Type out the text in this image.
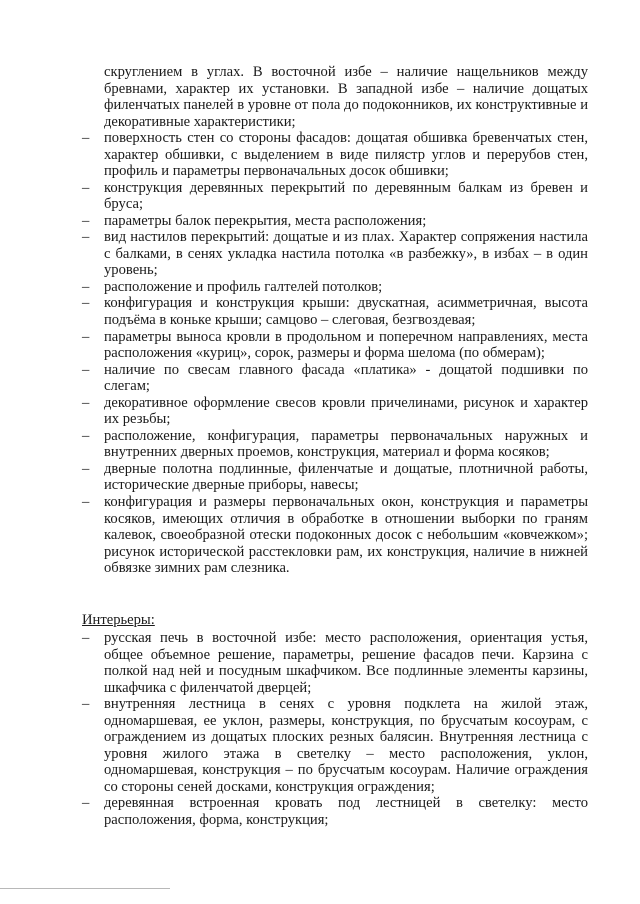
скруглением в углах. В восточной избе – наличие нащельников между бревнами, характер их установки. В западной избе – наличие дощатых филенчатых панелей в уровне от пола до подоконников, их конструктивные и декоративные характеристики;

– поверхность стен со стороны фасадов: дощатая обшивка бревенчатых стен, характер обшивки, с выделением в виде пилястр углов и перерубов стен, профиль и параметры первоначальных досок обшивки;
– конструкция деревянных перекрытий по деревянным балкам из бревен и бруса;
– параметры балок перекрытия, места расположения;
– вид настилов перекрытий: дощатые и из плах. Характер сопряжения настила с балками, в сенях укладка настила потолка «в разбежку», в избах – в один уровень;
– расположение и профиль галтелей потолков;
– конфигурация и конструкция крыши: двускатная, асимметричная, высота подъёма в коньке крыши; самцово – слеговая, безгвоздевая;
– параметры выноса кровли в продольном и поперечном направлениях, места расположения «куриц», сорок, размеры и форма шелома (по обмерам);
– наличие по свесам главного фасада «платика» - дощатой подшивки по слегам;
– декоративное оформление свесов кровли причелинами, рисунок и характер их резьбы;
– расположение, конфигурация, параметры первоначальных наружных и внутренних дверных проемов, конструкция, материал и форма косяков;
– дверные полотна подлинные, филенчатые и дощатые, плотничной работы, исторические дверные приборы, навесы;
– конфигурация и размеры первоначальных окон, конструкция и параметры косяков, имеющих отличия в обработке в отношении выборки по граням калевок, своеобразной отески подоконных досок с небольшим «ковчежком»; рисунок исторической расстекловки рам, их конструкция, наличие в нижней обвязке зимних рам слезника.

Интерьеры:

– русская печь в восточной избе: место расположения, ориентация устья, общее объемное решение, параметры, решение фасадов печи. Карзина с полкой над ней и посудным шкафчиком. Все подлинные элементы карзины, шкафчика с филенчатой дверцей;
– внутренняя лестница в сенях с уровня подклета на жилой этаж, одномаршевая, ее уклон, размеры, конструкция, по брусчатым косоурам, с ограждением из дощатых плоских резных балясин. Внутренняя лестница с уровня жилого этажа в светелку – место расположения, уклон, одномаршевая, конструкция – по брусчатым косоурам. Наличие ограждения со стороны сеней досками, конструкция ограждения;
– деревянная встроенная кровать под лестницей в светелку: место расположения, форма, конструкция;
